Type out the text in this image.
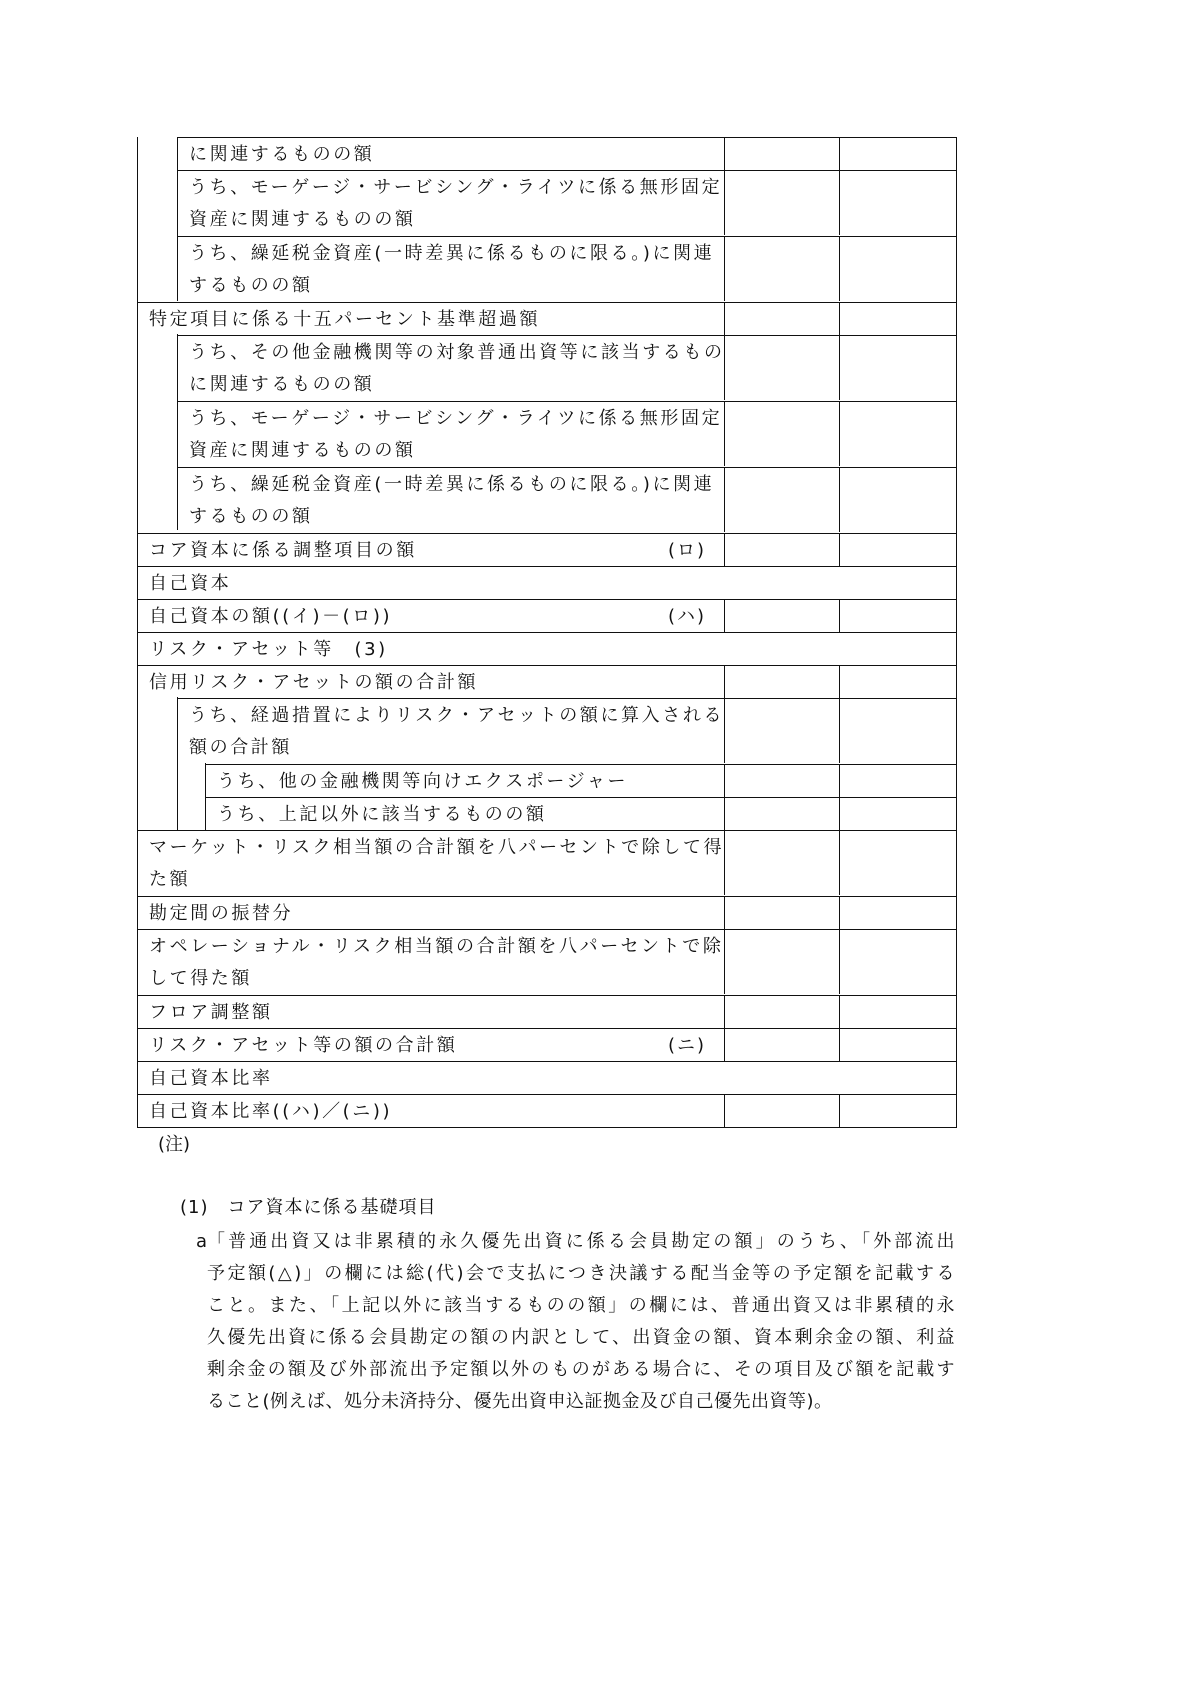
に関連するものの額
うち、モーゲージ・サービシング・ライツに係る無形固定
資産に関連するものの額
うち、繰延税金資産(一時差異に係るものに限る。)に関連
するものの額
特定項目に係る十五パーセント基準超過額
うち、その他金融機関等の対象普通出資等に該当するもの
に関連するものの額
うち、モーゲージ・サービシング・ライツに係る無形固定
資産に関連するものの額
うち、繰延税金資産(一時差異に係るものに限る。)に関連
するものの額
コア資本に係る調整項目の額	(ロ)
自己資本
自己資本の額((イ)－(ロ))	(ハ)
リスク・アセット等　(3)
信用リスク・アセットの額の合計額
うち、経過措置によりリスク・アセットの額に算入される
額の合計額
うち、他の金融機関等向けエクスポージャー
うち、上記以外に該当するものの額
マーケット・リスク相当額の合計額を八パーセントで除して得
た額
勘定間の振替分
オペレーショナル・リスク相当額の合計額を八パーセントで除
して得た額
フロア調整額
リスク・アセット等の額の合計額	(ニ)
自己資本比率
自己資本比率((ハ)／(ニ))
(注)
(1)　コア資本に係る基礎項目
a 「普通出資又は非累積的永久優先出資に係る会員勘定の額」のうち、「外部流出
予定額(△)」の欄には総(代)会で支払につき決議する配当金等の予定額を記載する
こと。また、「上記以外に該当するものの額」の欄には、普通出資又は非累積的永
久優先出資に係る会員勘定の額の内訳として、出資金の額、資本剰余金の額、利益
剰余金の額及び外部流出予定額以外のものがある場合に、その項目及び額を記載す
ること(例えば、処分未済持分、優先出資申込証拠金及び自己優先出資等)。
